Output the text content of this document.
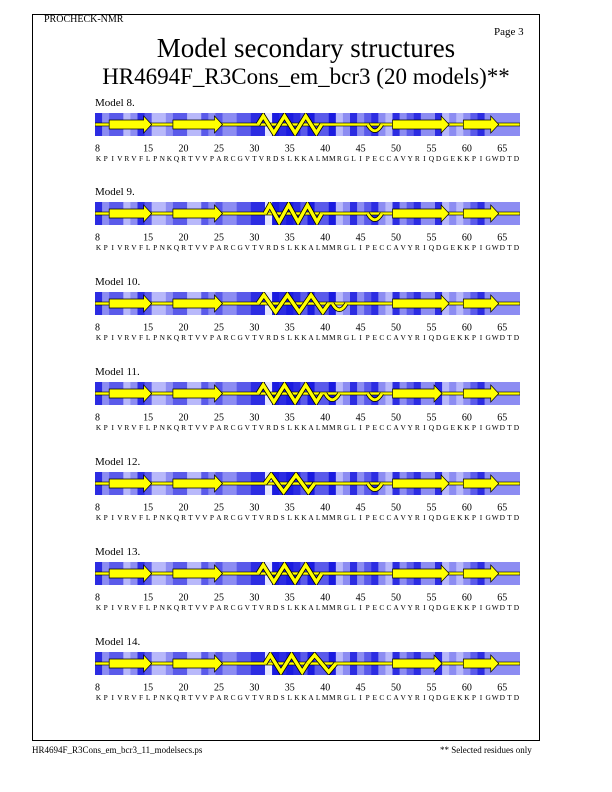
PROCHECK-NMR
Page 3
Model secondary structures
HR4694F_R3Cons_em_bcr3 (20 models)**
Model 8.
8	15	20	25	30	35	40	45	50	55	60	65
K P I V R V F L P N K Q R T V V P A R C G V T V R D S L K K A L M M R G L I P E C C A V Y R I Q D G E K K P I G W D T D
Model 9.
8	15	20	25	30	35	40	45	50	55	60	65
K P I V R V F L P N K Q R T V V P A R C G V T V R D S L K K A L M M R G L I P E C C A V Y R I Q D G E K K P I G W D T D
Model 10.
8	15	20	25	30	35	40	45	50	55	60	65
K P I V R V F L P N K Q R T V V P A R C G V T V R D S L K K A L M M R G L I P E C C A V Y R I Q D G E K K P I G W D T D
Model 11.
8	15	20	25	30	35	40	45	50	55	60	65
K P I V R V F L P N K Q R T V V P A R C G V T V R D S L K K A L M M R G L I P E C C A V Y R I Q D G E K K P I G W D T D
Model 12.
8	15	20	25	30	35	40	45	50	55	60	65
K P I V R V F L P N K Q R T V V P A R C G V T V R D S L K K A L M M R G L I P E C C A V Y R I Q D G E K K P I G W D T D
Model 13.
8	15	20	25	30	35	40	45	50	55	60	65
K P I V R V F L P N K Q R T V V P A R C G V T V R D S L K K A L M M R G L I P E C C A V Y R I Q D G E K K P I G W D T D
Model 14.
8	15	20	25	30	35	40	45	50	55	60	65
K P I V R V F L P N K Q R T V V P A R C G V T V R D S L K K A L M M R G L I P E C C A V Y R I Q D G E K K P I G W D T D
HR4694F_R3Cons_em_bcr3_11_modelsecs.ps	** Selected residues only
